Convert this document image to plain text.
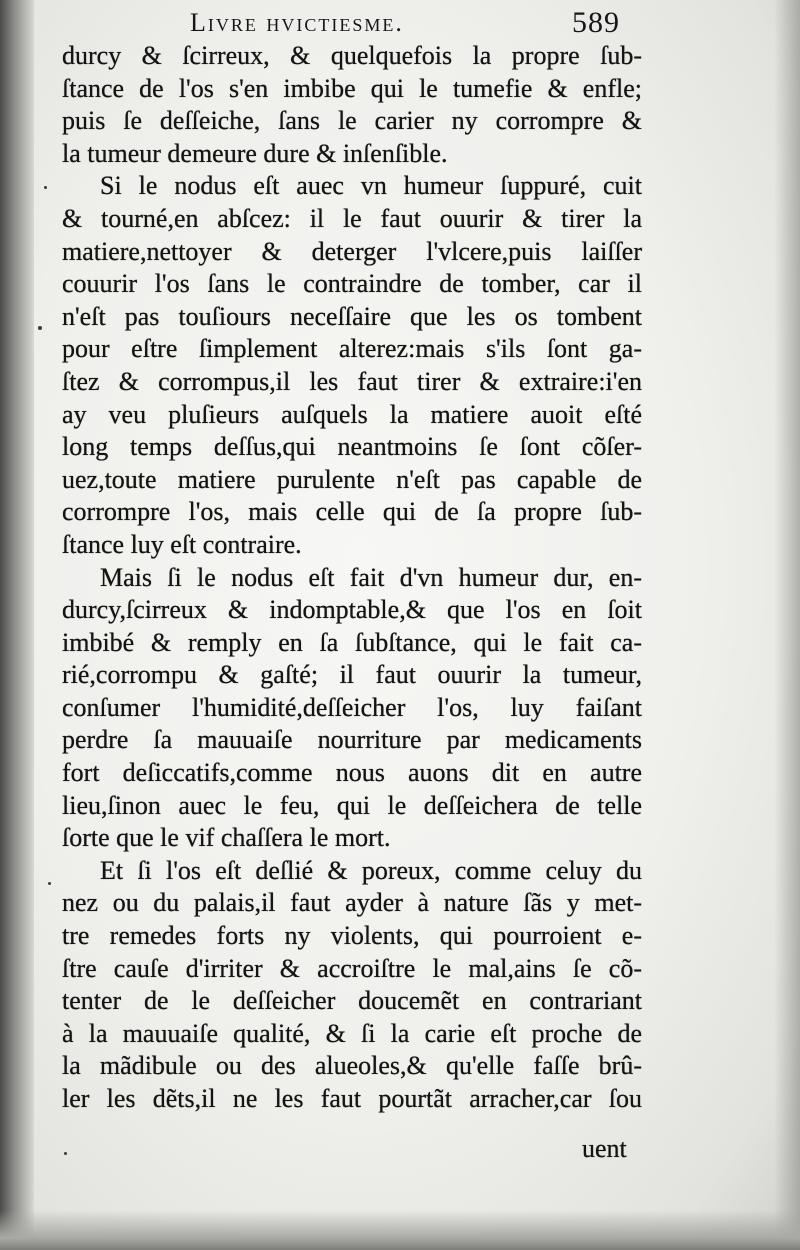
Livre hvictiesme.	589
durcy & ſcirreux, & quelquefois la propre ſub-
ſtance de l'os s'en imbibe qui le tumefie & enfle;
puis ſe deſſeiche, ſans le carier ny corrompre &
la tumeur demeure dure & inſenſible.
Si le nodus eſt auec vn humeur ſuppuré, cuit
& tourné,en abſcez: il le faut ouurir & tirer la
matiere,nettoyer & deterger l'vlcere,puis laiſſer
couurir l'os ſans le contraindre de tomber, car il
n'eſt pas touſiours neceſſaire que les os tombent
pour eſtre ſimplement alterez:mais s'ils ſont ga-
ſtez & corrompus,il les faut tirer & extraire:i'en
ay veu pluſieurs auſquels la matiere auoit eſté
long temps deſſus,qui neantmoins ſe ſont cõſer-
uez,toute matiere purulente n'eſt pas capable de
corrompre l'os, mais celle qui de ſa propre ſub-
ſtance luy eſt contraire.
Mais ſi le nodus eſt fait d'vn humeur dur, en-
durcy,ſcirreux & indomptable,& que l'os en ſoit
imbibé & remply en ſa ſubſtance, qui le fait ca-
rié,corrompu & gaſté; il faut ouurir la tumeur,
conſumer l'humidité,deſſeicher l'os, luy faiſant
perdre ſa mauuaiſe nourriture par medicaments
fort deſiccatifs,comme nous auons dit en autre
lieu,ſinon auec le feu, qui le deſſeichera de telle
ſorte que le vif chaſſera le mort.
Et ſi l'os eſt deſlié & poreux, comme celuy du
nez ou du palais,il faut ayder à nature ſãs y met-
tre remedes forts ny violents, qui pourroient e-
ſtre cauſe d'irriter & accroiſtre le mal,ains ſe cõ-
tenter de le deſſeicher doucemẽt en contrariant
à la mauuaiſe qualité, & ſi la carie eſt proche de
la mãdibule ou des alueoles,& qu'elle faſſe brû-
ler les dẽts,il ne les faut pourtãt arracher,car ſou
uent
